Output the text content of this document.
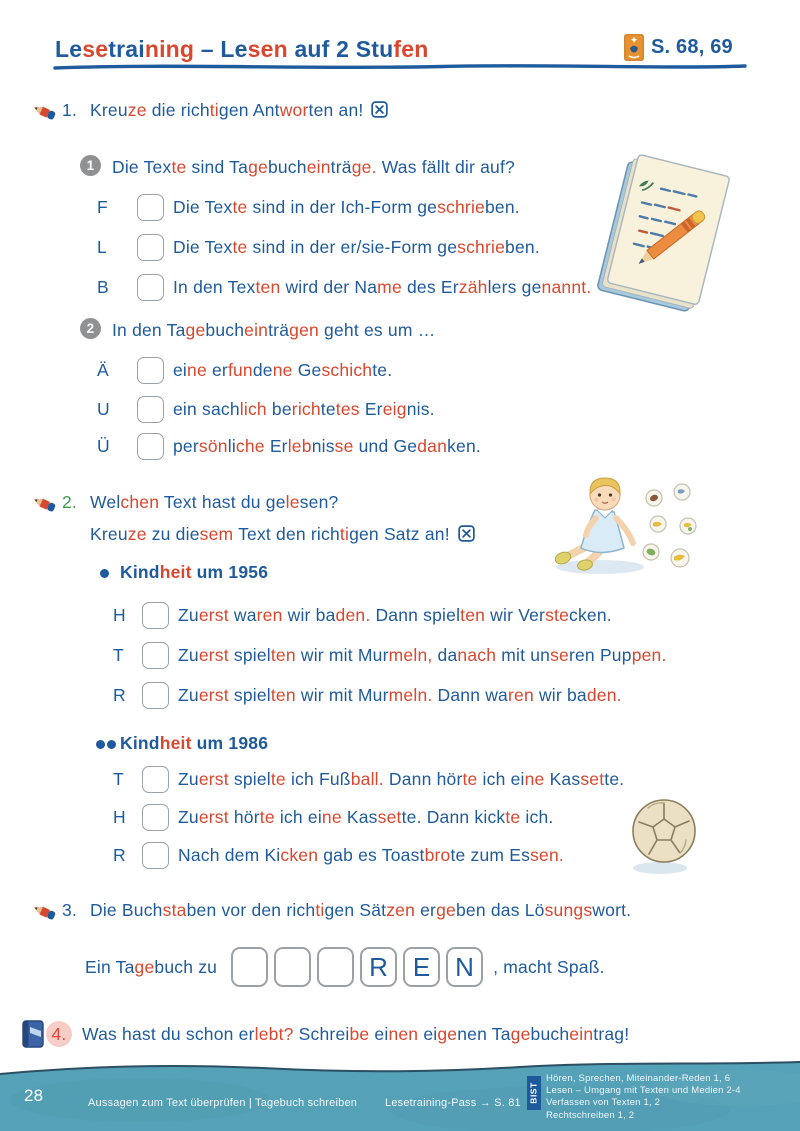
Lesetraining – Lesen auf 2 Stufen	S. 68, 69
1. Kreuze die richtigen Antworten an!
1	Die Texte sind Tagebucheinträge. Was fällt dir auf?
F	Die Texte sind in der Ich-Form geschrieben.
L	Die Texte sind in der er/sie-Form geschrieben.
B	In den Texten wird der Name des Erzählers genannt.
2	In den Tagebucheinträgen geht es um …
Ä	eine erfundene Geschichte.
U	ein sachlich berichtetes Ereignis.
Ü	persönliche Erlebnisse und Gedanken.
2. Welchen Text hast du gelesen?
Kreuze zu diesem Text den richtigen Satz an!
Kindheit um 1956
H	Zuerst waren wir baden. Dann spielten wir Verstecken.
T	Zuerst spielten wir mit Murmeln, danach mit unseren Puppen.
R	Zuerst spielten wir mit Murmeln. Dann waren wir baden.
Kindheit um 1986
T	Zuerst spielte ich Fußball. Dann hörte ich eine Kassette.
H	Zuerst hörte ich eine Kassette. Dann kickte ich.
R	Nach dem Kicken gab es Toastbrote zum Essen.
3. Die Buchstaben vor den richtigen Sätzen ergeben das Lösungswort.
Ein Tagebuch zu	R E N	, macht Spaß.
4. Was hast du schon erlebt? Schreibe einen eigenen Tagebucheintrag!
28	Aussagen zum Text überprüfen | Tagebuch schreiben	Lesetraining-Pass → S. 81 BIST
Hören, Sprechen, Miteinander-Reden 1, 6
Lesen – Umgang mit Texten und Medien 2-4
Verfassen von Texten 1, 2
Rechtschreiben 1, 2
